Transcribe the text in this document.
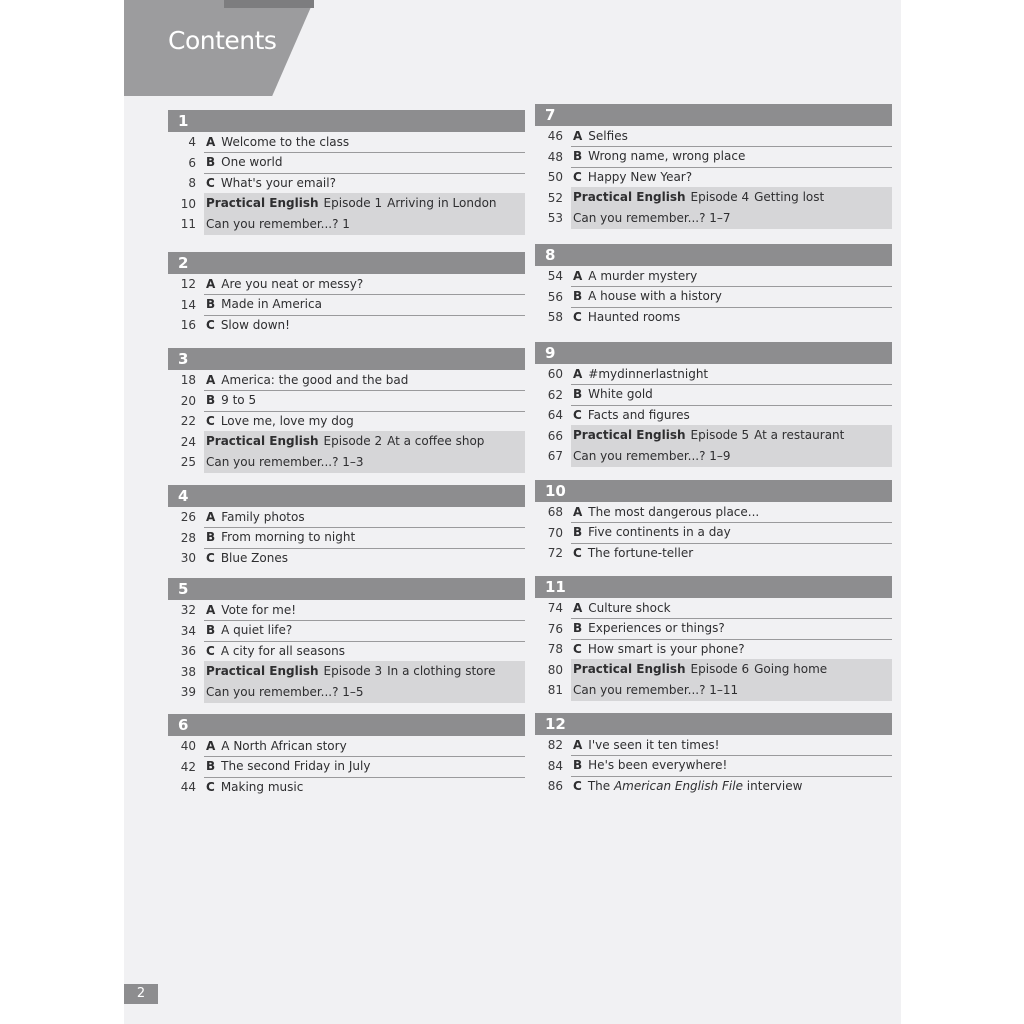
Contents
1
4 A Welcome to the class
6 B One world
8 C What's your email?
10 Practical English Episode 1 Arriving in London
11 Can you remember...? 1
2
12 A Are you neat or messy?
14 B Made in America
16 C Slow down!
3
18 A America: the good and the bad
20 B 9 to 5
22 C Love me, love my dog
24 Practical English Episode 2 At a coffee shop
25 Can you remember...? 1–3
4
26 A Family photos
28 B From morning to night
30 C Blue Zones
5
32 A Vote for me!
34 B A quiet life?
36 C A city for all seasons
38 Practical English Episode 3 In a clothing store
39 Can you remember...? 1–5
6
40 A A North African story
42 B The second Friday in July
44 C Making music
7
46 A Selfies
48 B Wrong name, wrong place
50 C Happy New Year?
52 Practical English Episode 4 Getting lost
53 Can you remember...? 1–7
8
54 A A murder mystery
56 B A house with a history
58 C Haunted rooms
9
60 A #mydinnerlastnight
62 B White gold
64 C Facts and figures
66 Practical English Episode 5 At a restaurant
67 Can you remember...? 1–9
10
68 A The most dangerous place...
70 B Five continents in a day
72 C The fortune-teller
11
74 A Culture shock
76 B Experiences or things?
78 C How smart is your phone?
80 Practical English Episode 6 Going home
81 Can you remember...? 1–11
12
82 A I've seen it ten times!
84 B He's been everywhere!
86 C The American English File interview
2
